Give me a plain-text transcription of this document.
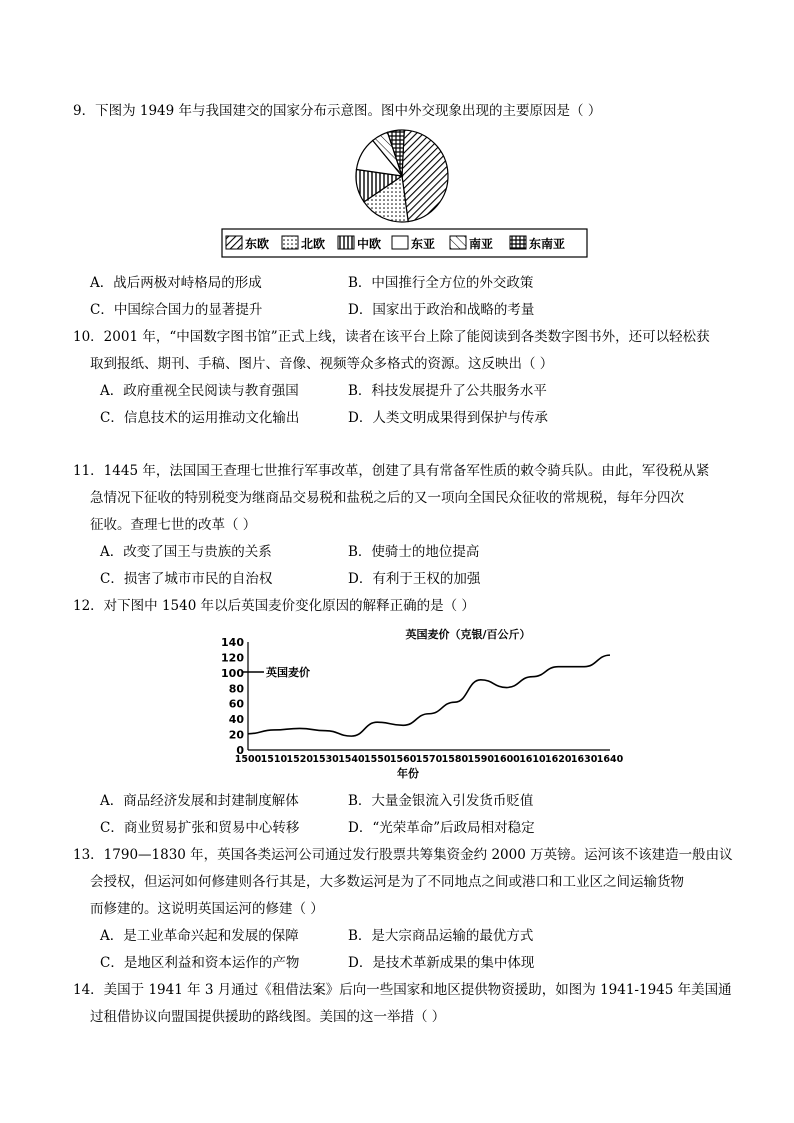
9．下图为 1949 年与我国建交的国家分布示意图。图中外交现象出现的主要原因是（ ）
东欧	北欧	中欧 东亚	南亚	东南亚
A．战后两极对峙格局的形成	B．中国推行全方位的外交政策
C．中国综合国力的显著提升	D．国家出于政治和战略的考量
10．2001 年，“中国数字图书馆”正式上线，读者在该平台上除了能阅读到各类数字图书外，还可以轻松获
取到报纸、期刊、手稿、图片、音像、视频等众多格式的资源。这反映出（ ）
A．政府重视全民阅读与教育强国	B．科技发展提升了公共服务水平
C．信息技术的运用推动文化输出	D．人类文明成果得到保护与传承
11．1445 年，法国国王查理七世推行军事改革，创建了具有常备军性质的敕令骑兵队。由此，军役税从紧
急情况下征收的特别税变为继商品交易税和盐税之后的又一项向全国民众征收的常规税，每年分四次
征收。查理七世的改革（ ）
A．改变了国王与贵族的关系	B．使骑士的地位提高
C．损害了城市市民的自治权	D．有利于王权的加强
12．对下图中 1540 年以后英国麦价变化原因的解释正确的是（ ）
英国麦价（克银/百公斤）
0
20
40
60
80
100
120
140
1500 1510 1520 1530 1540 1550 1560 1570 1580 1590 1600 1610 1620 1630 1640
英国麦价
年份
A．商品经济发展和封建制度解体	B．大量金银流入引发货币贬值
C．商业贸易扩张和贸易中心转移	D．“光荣革命”后政局相对稳定
13．1790—1830 年，英国各类运河公司通过发行股票共筹集资金约 2000 万英镑。运河该不该建造一般由议
会授权，但运河如何修建则各行其是，大多数运河是为了不同地点之间或港口和工业区之间运输货物
而修建的。这说明英国运河的修建（ ）
A．是工业革命兴起和发展的保障	B．是大宗商品运输的最优方式
C．是地区利益和资本运作的产物	D．是技术革新成果的集中体现
14．美国于 1941 年 3 月通过《租借法案》后向一些国家和地区提供物资援助，如图为 1941-1945 年美国通
过租借协议向盟国提供援助的路线图。美国的这一举措（ ）
